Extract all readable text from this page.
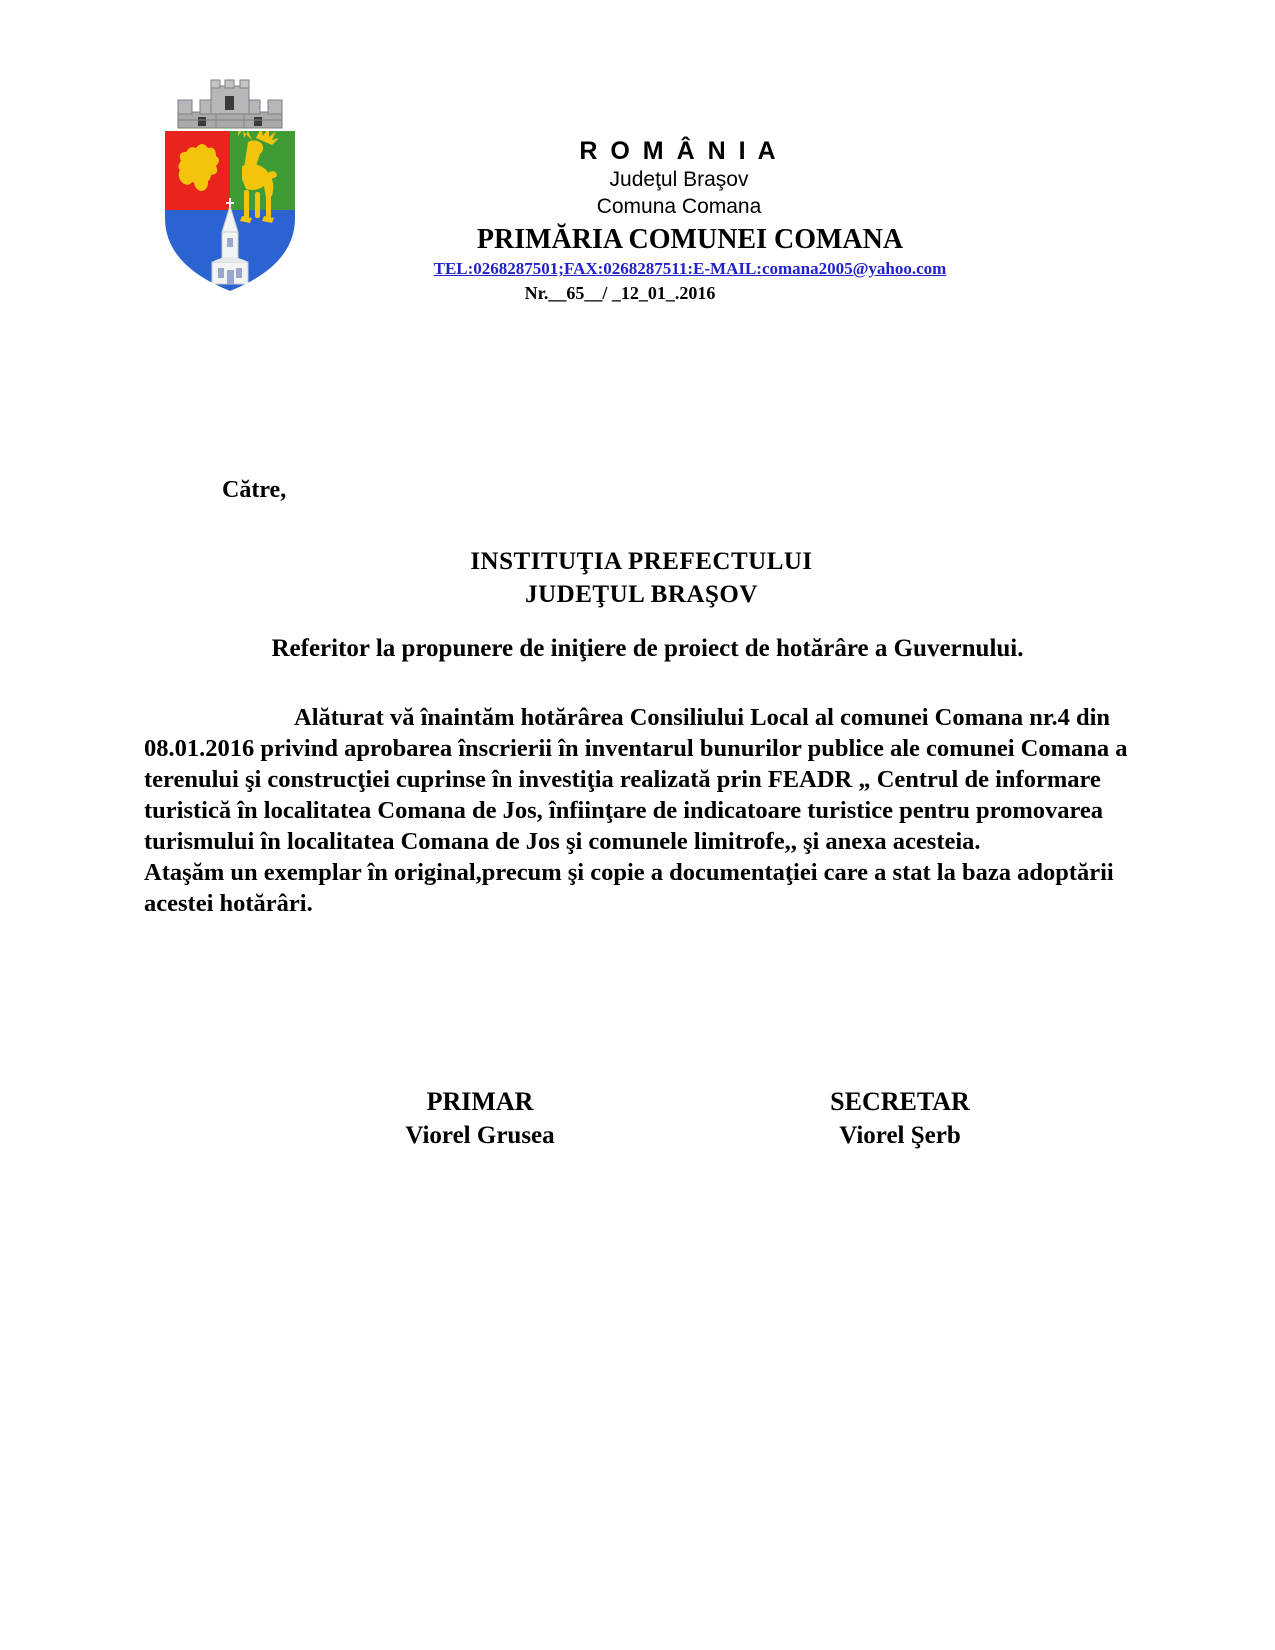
R O M Â N I A
Judeţul Braşov
Comuna Comana
PRIMĂRIA COMUNEI COMANA
TEL:0268287501;FAX:0268287511:E-MAIL:comana2005@yahoo.com
Nr.__65__/ _12_01_.2016
Către,
INSTITUŢIA PREFECTULUI
JUDEŢUL BRAŞOV
Referitor la propunere de iniţiere de proiect de hotărâre a Guvernului.

Alăturat vă înaintăm hotărârea Consiliului Local al comunei Comana nr.4 din 08.01.2016 privind aprobarea înscrierii în inventarul bunurilor publice ale comunei Comana a terenului şi construcţiei cuprinse în investiţia realizată prin FEADR „ Centrul de informare turistică în localitatea Comana de Jos, înfiinţare de indicatoare turistice pentru promovarea turismului în localitatea Comana de Jos şi comunele limitrofe,, şi anexa acesteia.

Ataşăm un exemplar în original,precum şi copie a documentaţiei care a stat la baza adoptării acestei hotărâri.

PRIMAR
Viorel Grusea
SECRETAR
Viorel Şerb
